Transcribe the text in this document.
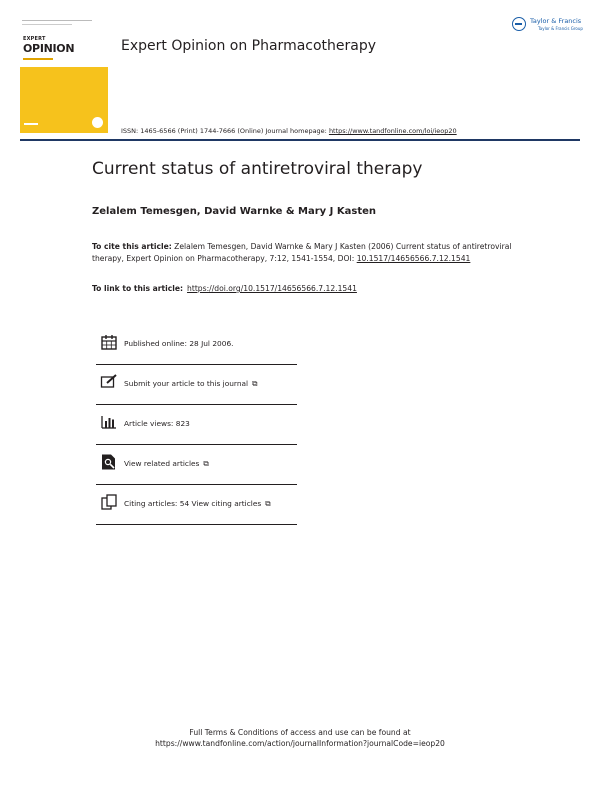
EXPERT
OPINION	Expert Opinion on Pharmacotherapy
ISSN: 1465-6566 (Print) 1744-7666 (Online) Journal homepage: https://www.tandfonline.com/loi/ieop20
Taylor & Francis
Taylor & Francis Group
Current status of antiretroviral therapy
Zelalem Temesgen, David Warnke & Mary J Kasten
To cite this article: Zelalem Temesgen, David Warnke & Mary J Kasten (2006) Current status of antiretroviral therapy, Expert Opinion on Pharmacotherapy, 7:12, 1541-1554, DOI: 10.1517/14656566.7.12.1541
To link to this article: https://doi.org/10.1517/14656566.7.12.1541
Published online: 28 Jul 2006.
Submit your article to this journal ⧉
Article views: 823
View related articles ⧉
Citing articles: 54 View citing articles ⧉
Full Terms & Conditions of access and use can be found at
https://www.tandfonline.com/action/journalInformation?journalCode=ieop20
